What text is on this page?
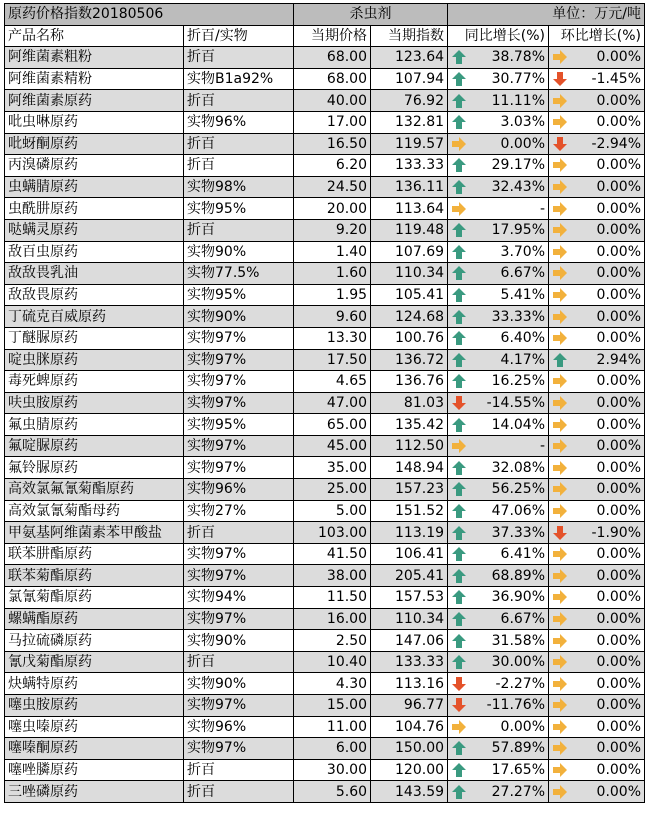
原药价格指数20180506		杀虫剂		单位：万元/吨	
产品名称	折百/实物	当期价格	当期指数	同比增长(%)	环比增长(%)
阿维菌素粗粉	折百	68.00	123.64	38.78%	0.00%

阿维菌素精粉	实物B1a92%	68.00	107.94	30.77%	-1.45%

阿维菌素原药	折百	40.00	76.92	11.11%	0.00%

吡虫啉原药	实物96%	17.00	132.81	3.03%	0.00%

吡蚜酮原药	折百	16.50	119.57	0.00%	-2.94%

丙溴磷原药	折百	6.20	133.33	29.17%	0.00%

虫螨腈原药	实物98%	24.50	136.11	32.43%	0.00%

虫酰肼原药	实物95%	20.00	113.64	-	0.00%

哒螨灵原药	折百	9.20	119.48	17.95%	0.00%

敌百虫原药	实物90%	1.40	107.69	3.70%	0.00%

敌敌畏乳油	实物77.5%	1.60	110.34	6.67%	0.00%

敌敌畏原药	实物95%	1.95	105.41	5.41%	0.00%

丁硫克百威原药	实物90%	9.60	124.68	33.33%	0.00%

丁醚脲原药	实物97%	13.30	100.76	6.40%	0.00%

啶虫脒原药	实物97%	17.50	136.72	4.17%	2.94%

毒死蜱原药	实物97%	4.65	136.76	16.25%	0.00%

呋虫胺原药	实物97%	47.00	81.03	-14.55%	0.00%

氟虫腈原药	实物95%	65.00	135.42	14.04%	0.00%

氟啶脲原药	实物97%	45.00	112.50	-	0.00%

氟铃脲原药	实物97%	35.00	148.94	32.08%	0.00%

高效氯氟氰菊酯原药	实物96%	25.00	157.23	56.25%	0.00%

高效氯氰菊酯母药	实物27%	5.00	151.52	47.06%	0.00%

甲氨基阿维菌素苯甲酸盐	折百	103.00	113.19	37.33%	-1.90%

联苯肼酯原药	实物97%	41.50	106.41	6.41%	0.00%

联苯菊酯原药	实物97%	38.00	205.41	68.89%	0.00%

氯氰菊酯原药	实物94%	11.50	157.53	36.90%	0.00%

螺螨酯原药	实物97%	16.00	110.34	6.67%	0.00%

马拉硫磷原药	实物90%	2.50	147.06	31.58%	0.00%

氰戊菊酯原药	折百	10.40	133.33	30.00%	0.00%

炔螨特原药	实物90%	4.30	113.16	-2.27%	0.00%

噻虫胺原药	实物97%	15.00	96.77	-11.76%	0.00%

噻虫嗪原药	实物96%	11.00	104.76	0.00%	0.00%

噻嗪酮原药	实物97%	6.00	150.00	57.89%	0.00%

噻唑膦原药	折百	30.00	120.00	17.65%	0.00%

三唑磷原药	折百	5.60	143.59	27.27%	0.00%
